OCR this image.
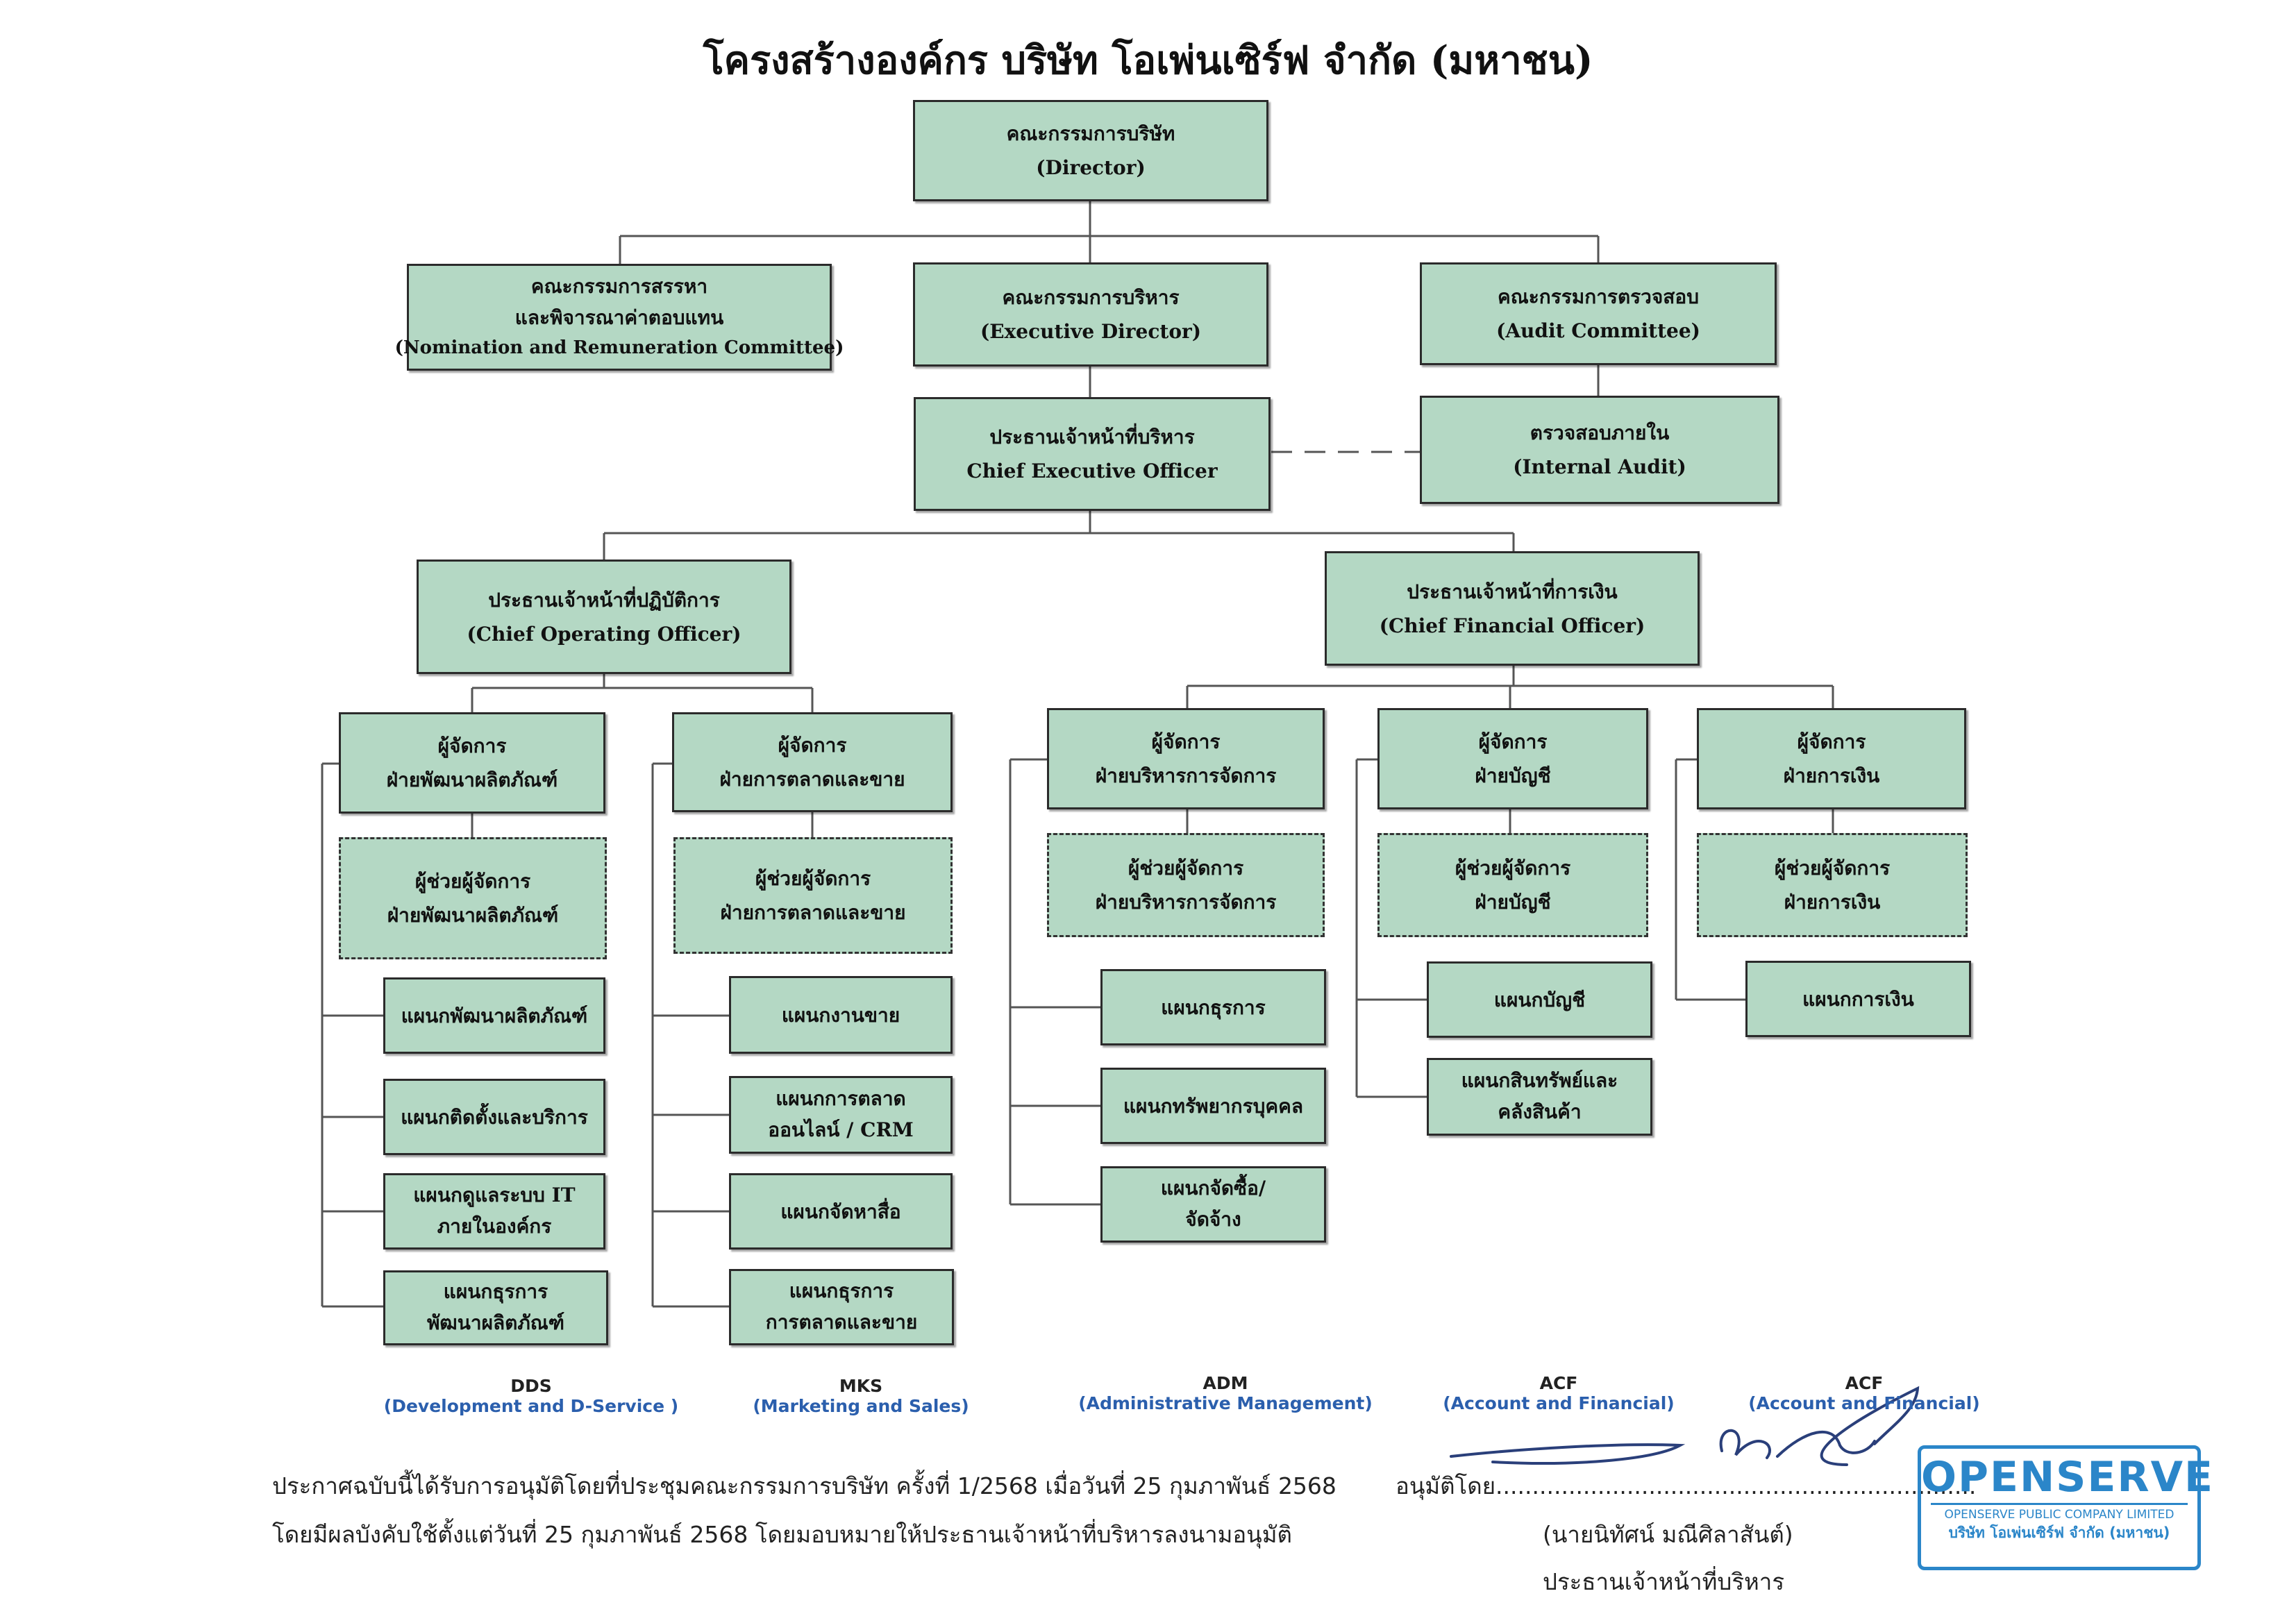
โครงสร้างองค์กร บริษัท โอเพ่นเซิร์ฟ จำกัด (มหาชน)
คณะกรรมการบริษัท
(Director)
คณะกรรมการสรรหา
และพิจารณาค่าตอบแทน
(Nomination and Remuneration Committee)
คณะกรรมการบริหาร
(Executive Director)
คณะกรรมการตรวจสอบ
(Audit Committee)
ประธานเจ้าหน้าที่บริหาร
Chief Executive Officer
ตรวจสอบภายใน
(Internal Audit)
ประธานเจ้าหน้าที่ปฏิบัติการ
(Chief Operating Officer)
ประธานเจ้าหน้าที่การเงิน
(Chief Financial Officer)
ผู้จัดการ
ฝ่ายพัฒนาผลิตภัณฑ์
ผู้ช่วยผู้จัดการ
ฝ่ายพัฒนาผลิตภัณฑ์
แผนกพัฒนาผลิตภัณฑ์
แผนกติดตั้งและบริการ
แผนกดูแลระบบ IT
ภายในองค์กร
แผนกธุรการ
พัฒนาผลิตภัณฑ์
ผู้จัดการ
ฝ่ายการตลาดและขาย
ผู้ช่วยผู้จัดการ
ฝ่ายการตลาดและขาย
แผนกงานขาย
แผนกการตลาด
ออนไลน์ / CRM
แผนกจัดหาสื่อ
แผนกธุรการ
การตลาดและขาย
ผู้จัดการ
ฝ่ายบริหารการจัดการ
ผู้ช่วยผู้จัดการ
ฝ่ายบริหารการจัดการ
แผนกธุรการ
แผนกทรัพยากรบุคคล
แผนกจัดซื้อ/
จัดจ้าง
ผู้จัดการ
ฝ่ายบัญชี
ผู้ช่วยผู้จัดการ
ฝ่ายบัญชี
แผนกบัญชี
แผนกสินทรัพย์และ
คลังสินค้า
ผู้จัดการ
ฝ่ายการเงิน
ผู้ช่วยผู้จัดการ
ฝ่ายการเงิน
แผนกการเงิน
DDS
(Development and D-Service )
MKS
(Marketing and Sales)
ADM
(Administrative Management)
ACF
(Account and Financial)
ACF
(Account and Financial)
ประกาศฉบับนี้ได้รับการอนุมัติโดยที่ประชุมคณะกรรมการบริษัท ครั้งที่ 1/2568 เมื่อวันที่ 25 กุมภาพันธ์ 2568
โดยมีผลบังคับใช้ตั้งแต่วันที่ 25 กุมภาพันธ์ 2568 โดยมอบหมายให้ประธานเจ้าหน้าที่บริหารลงนามอนุมัติ
อนุมัติโดย..................................................................
(นายนิทัศน์ มณีศิลาสันต์)
ประธานเจ้าหน้าที่บริหาร
OPENSERVE
OPENSERVE PUBLIC COMPANY LIMITED
บริษัท โอเพ่นเซิร์ฟ จำกัด (มหาชน)
